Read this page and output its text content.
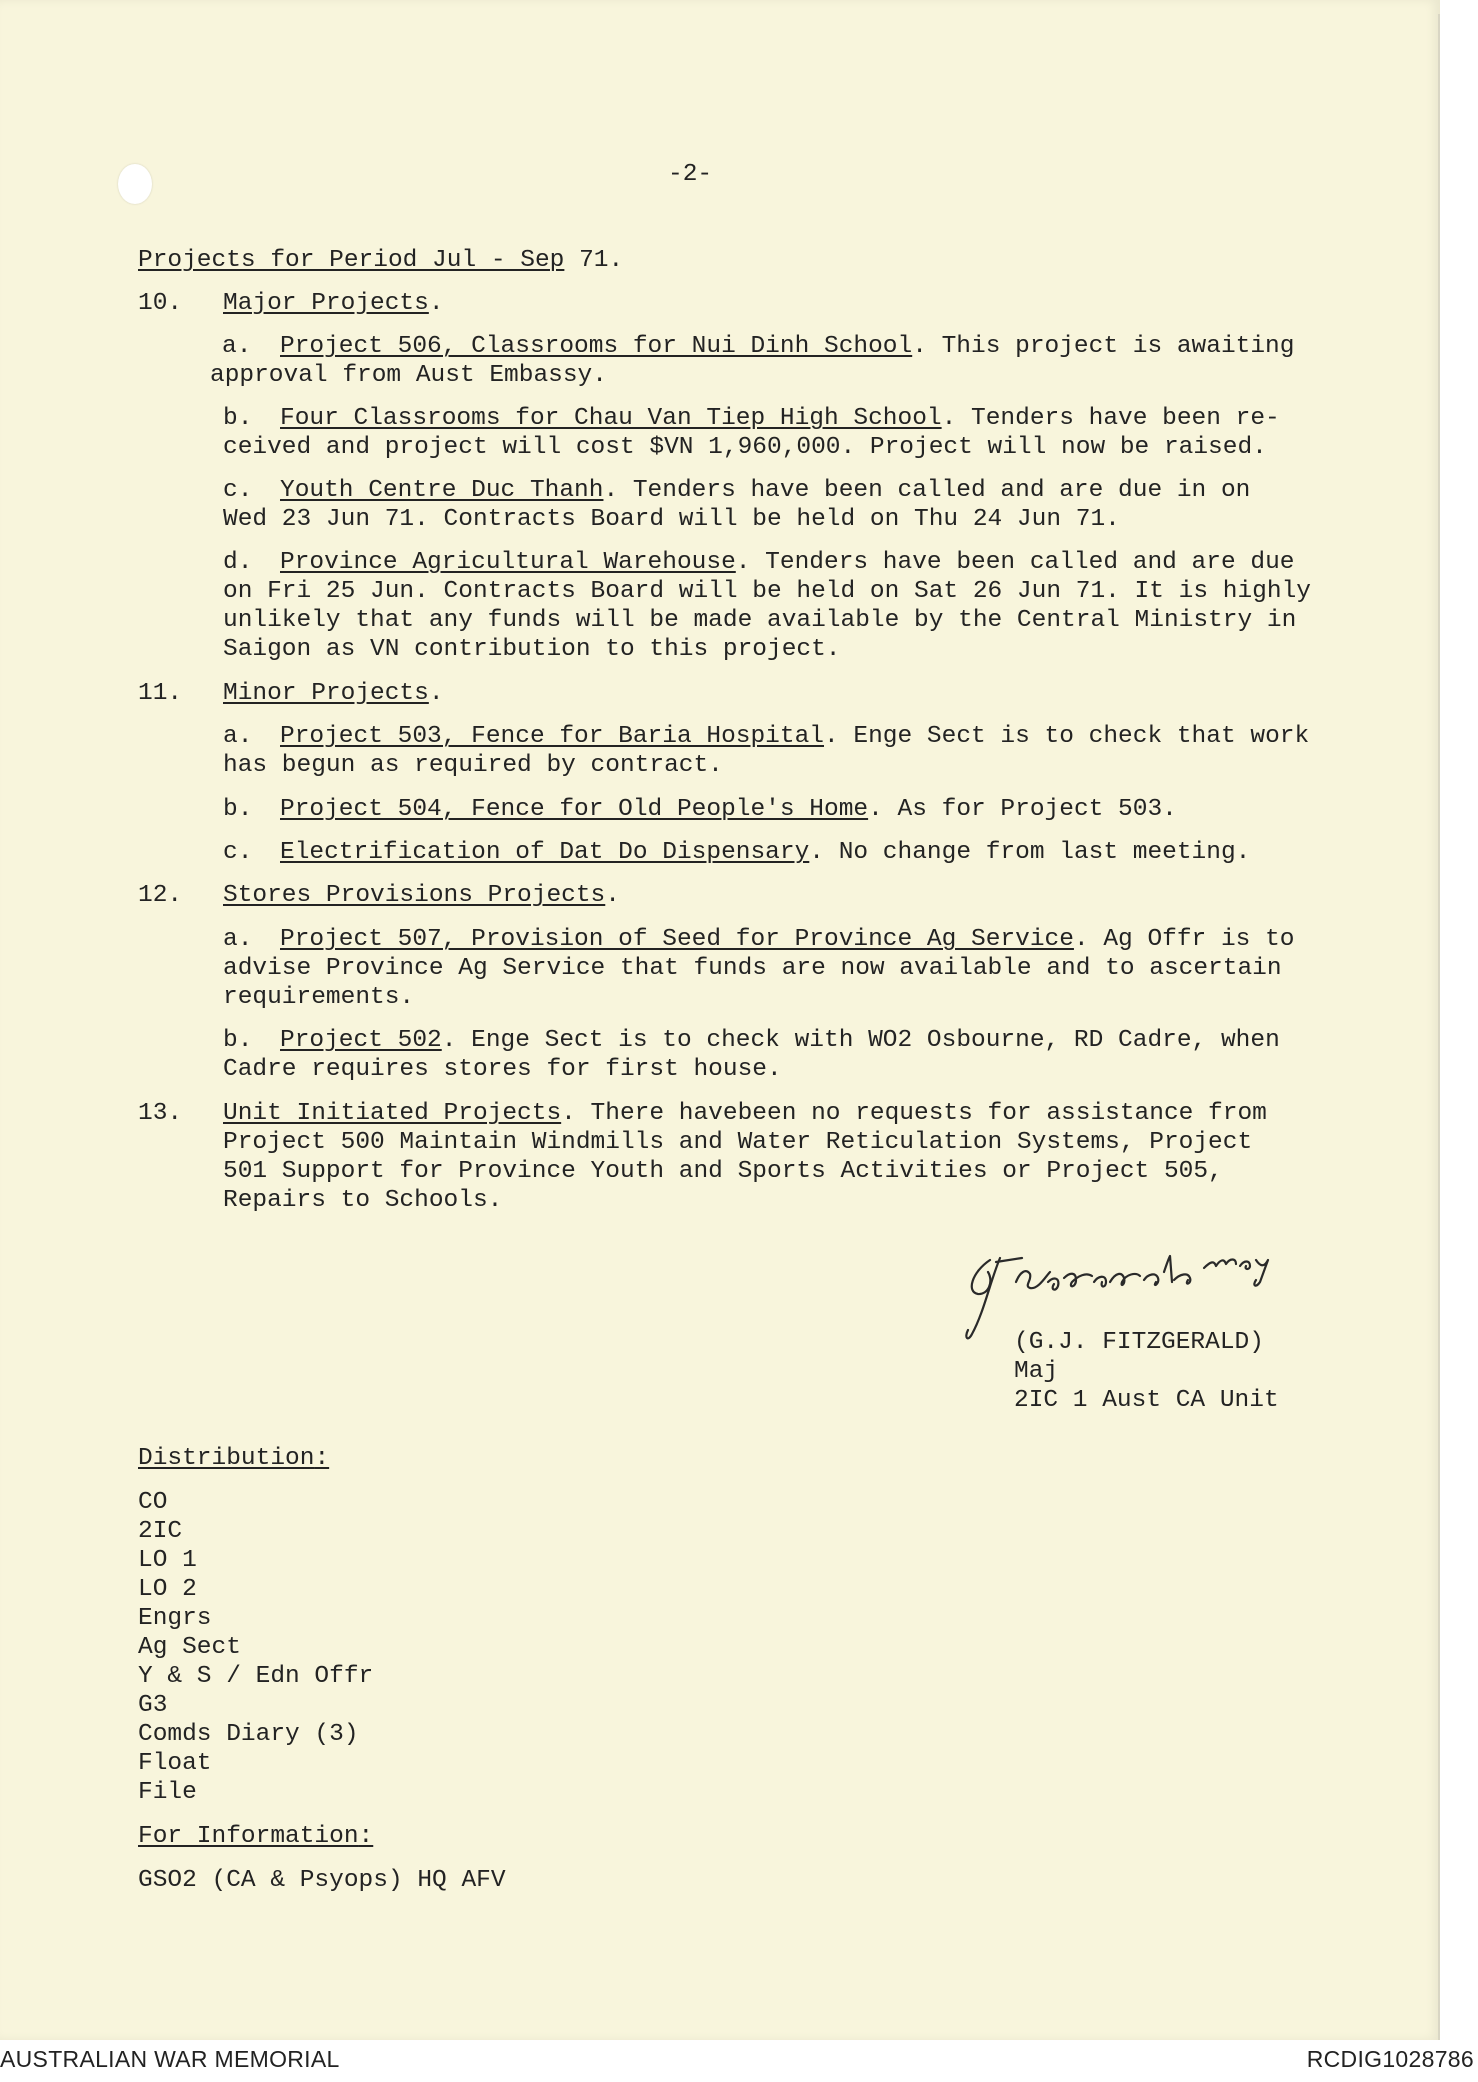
-2-
Projects for Period Jul - Sep 71.
10. Major Projects.
a. Project 506, Classrooms for Nui Dinh School. This project is awaiting
approval from Aust Embassy.
b. Four Classrooms for Chau Van Tiep High School. Tenders have been re-
ceived and project will cost $VN 1,960,000. Project will now be raised.
c. Youth Centre Duc Thanh. Tenders have been called and are due in on
Wed 23 Jun 71. Contracts Board will be held on Thu 24 Jun 71.
d. Province Agricultural Warehouse. Tenders have been called and are due
on Fri 25 Jun. Contracts Board will be held on Sat 26 Jun 71. It is highly
unlikely that any funds will be made available by the Central Ministry in
Saigon as VN contribution to this project.
11. Minor Projects.
a. Project 503, Fence for Baria Hospital. Enge Sect is to check that work
has begun as required by contract.
b. Project 504, Fence for Old People's Home. As for Project 503.
c. Electrification of Dat Do Dispensary. No change from last meeting.
12. Stores Provisions Projects.
a. Project 507, Provision of Seed for Province Ag Service. Ag Offr is to
advise Province Ag Service that funds are now available and to ascertain
requirements.
b. Project 502. Enge Sect is to check with WO2 Osbourne, RD Cadre, when
Cadre requires stores for first house.
13. Unit Initiated Projects. There havebeen no requests for assistance from
Project 500 Maintain Windmills and Water Reticulation Systems, Project
501 Support for Province Youth and Sports Activities or Project 505,
Repairs to Schools.
(G.J. FITZGERALD)
Maj
2IC 1 Aust CA Unit
Distribution:
CO
2IC
LO 1
LO 2
Engrs
Ag Sect
Y & S / Edn Offr
G3
Comds Diary (3)
Float
File
For Information:
GSO2 (CA & Psyops) HQ AFV
AUSTRALIAN WAR MEMORIAL	RCDIG1028786
